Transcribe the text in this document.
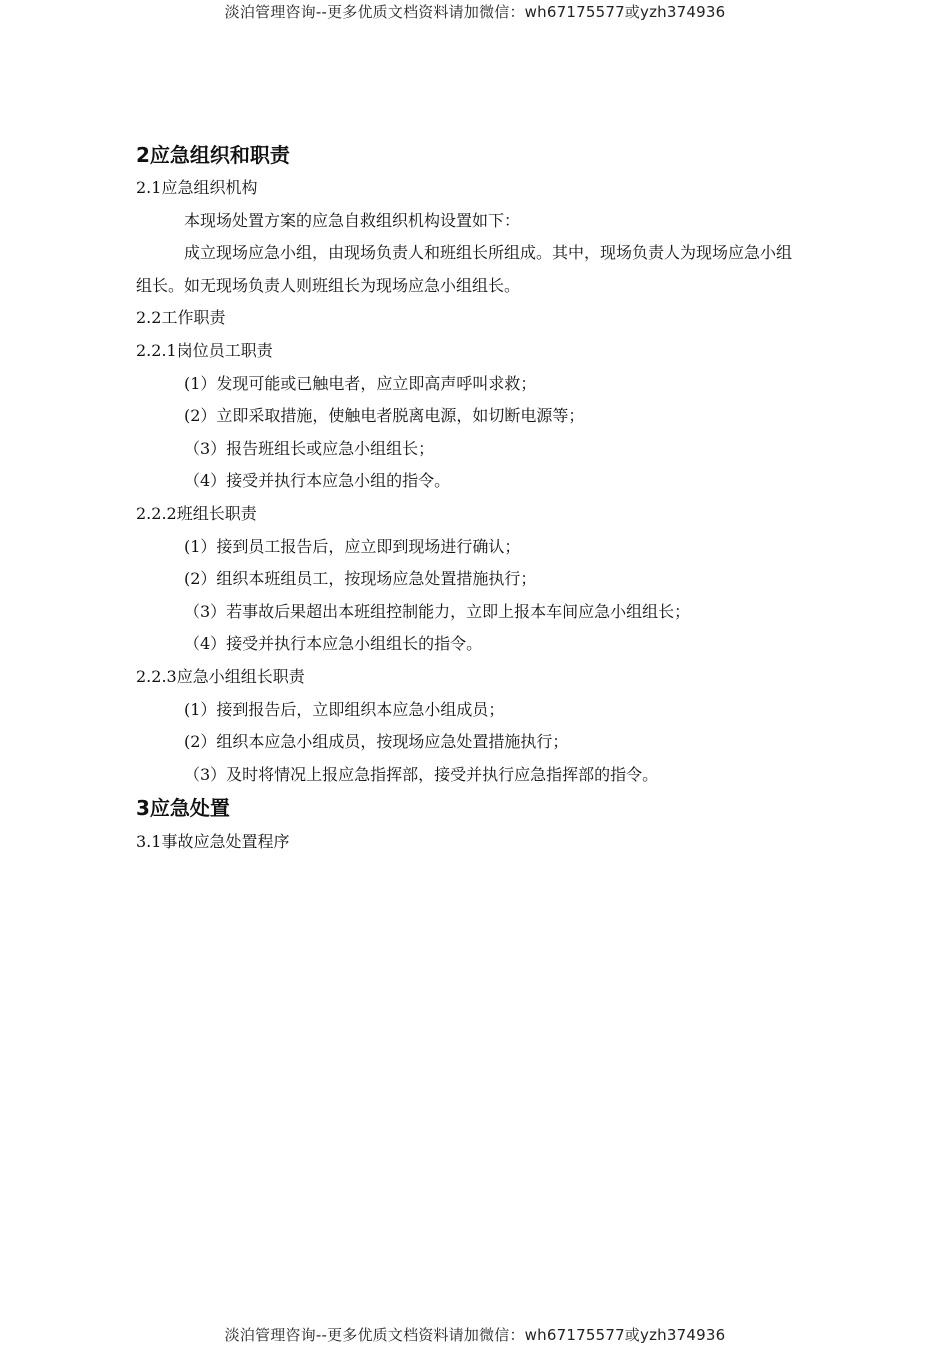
淡泊管理咨询--更多优质文档资料请加微信：wh67175577或yzh374936
2应急组织和职责
2.1应急组织机构
本现场处置方案的应急自救组织机构设置如下：
成立现场应急小组，由现场负责人和班组长所组成。其中，现场负责人为现场应急小组组长。如无现场负责人则班组长为现场应急小组组长。
2.2工作职责
2.2.1岗位员工职责
(1）发现可能或已触电者，应立即高声呼叫求救；
(2）立即采取措施，使触电者脱离电源，如切断电源等；
（3）报告班组长或应急小组组长；
（4）接受并执行本应急小组的指令。
2.2.2班组长职责
(1）接到员工报告后，应立即到现场进行确认；
(2）组织本班组员工，按现场应急处置措施执行；
（3）若事故后果超出本班组控制能力，立即上报本车间应急小组组长；
（4）接受并执行本应急小组组长的指令。
2.2.3应急小组组长职责
(1）接到报告后，立即组织本应急小组成员；
(2）组织本应急小组成员，按现场应急处置措施执行；
（3）及时将情况上报应急指挥部，接受并执行应急指挥部的指令。
3应急处置
3.1事故应急处置程序
淡泊管理咨询--更多优质文档资料请加微信：wh67175577或yzh374936
